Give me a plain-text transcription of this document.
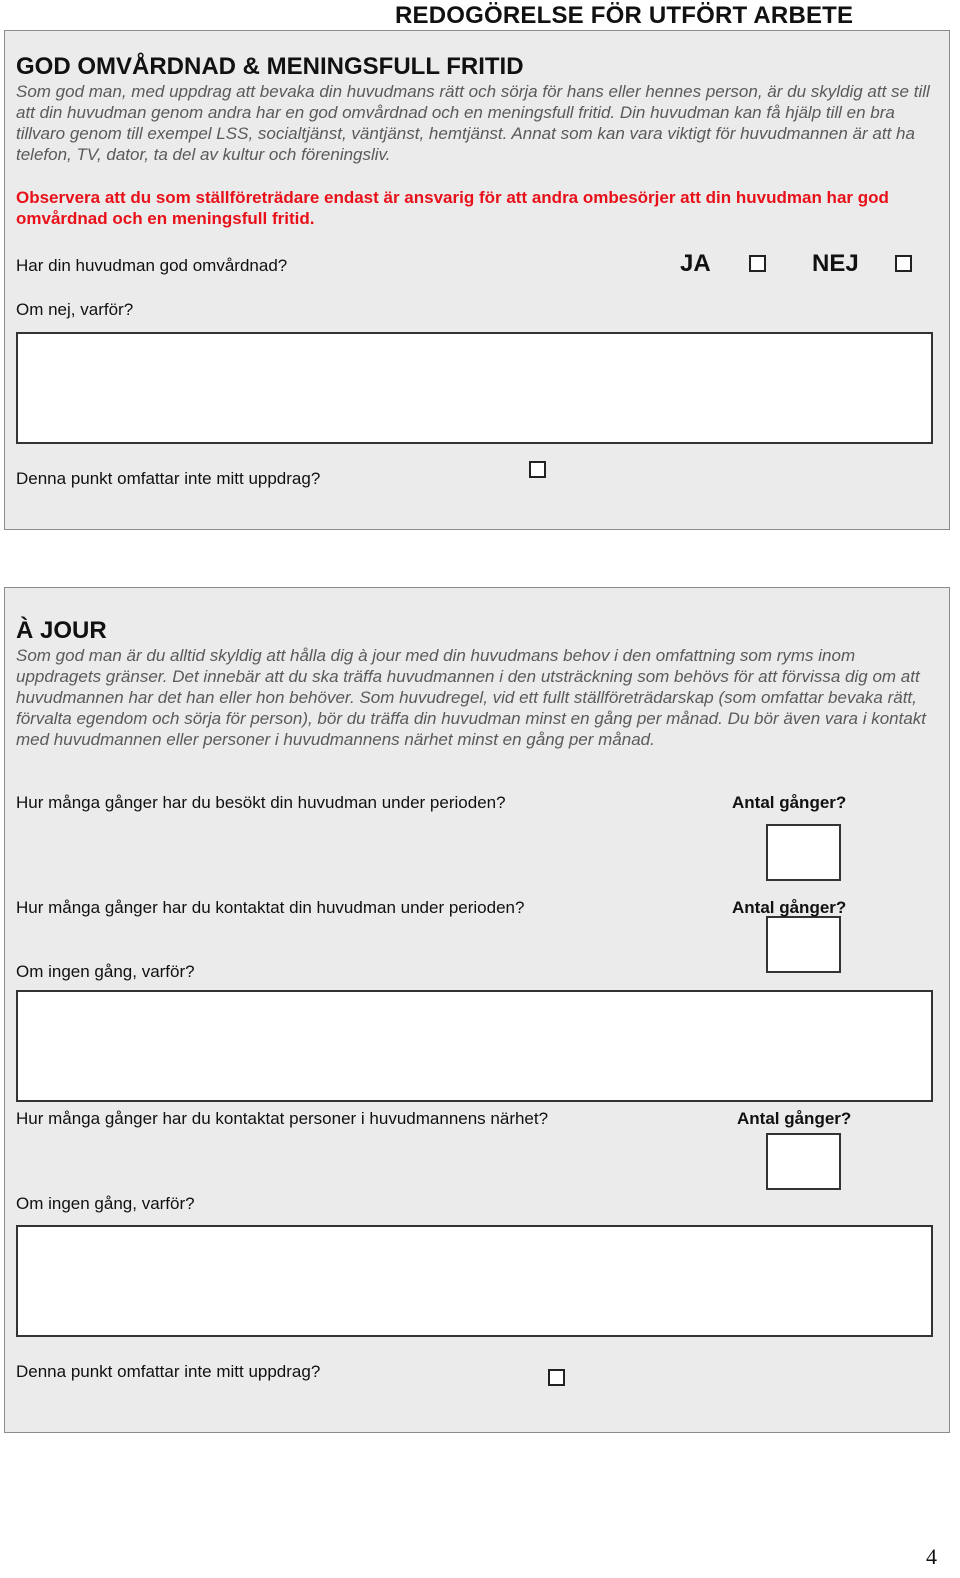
REDOGÖRELSE FÖR UTFÖRT ARBETE
GOD OMVÅRDNAD & MENINGSFULL FRITID
Som god man, med uppdrag att bevaka din huvudmans rätt och sörja för hans eller hennes person, är du skyldig att se till att din huvudman genom andra har en god omvårdnad och en meningsfull fritid. Din huvudman kan få hjälp till en bra tillvaro genom till exempel LSS, socialtjänst, väntjänst, hemtjänst. Annat som kan vara viktigt för huvudmannen är att ha telefon, TV, dator, ta del av kultur och föreningsliv.
Observera att du som ställföreträdare endast är ansvarig för att andra ombesörjer att din huvudman har god omvårdnad och en meningsfull fritid.
Har din huvudman god omvårdnad?	JA	NEJ
Om nej, varför?
Denna punkt omfattar inte mitt uppdrag?
À JOUR
Som god man är du alltid skyldig att hålla dig à jour med din huvudmans behov i den omfattning som ryms inom uppdragets gränser. Det innebär att du ska träffa huvudmannen i den utsträckning som behövs för att förvissa dig om att huvudmannen har det han eller hon behöver. Som huvudregel, vid ett fullt ställföreträdarskap (som omfattar bevaka rätt, förvalta egendom och sörja för person), bör du träffa din huvudman minst en gång per månad. Du bör även vara i kontakt med huvudmannen eller personer i huvudmannens närhet minst en gång per månad.
Hur många gånger har du besökt din huvudman under perioden?	Antal gånger?
Hur många gånger har du kontaktat din huvudman under perioden?	Antal gånger?
Om ingen gång, varför?
Hur många gånger har du kontaktat personer i huvudmannens närhet?	Antal gånger?
Om ingen gång, varför?
Denna punkt omfattar inte mitt uppdrag?
4
